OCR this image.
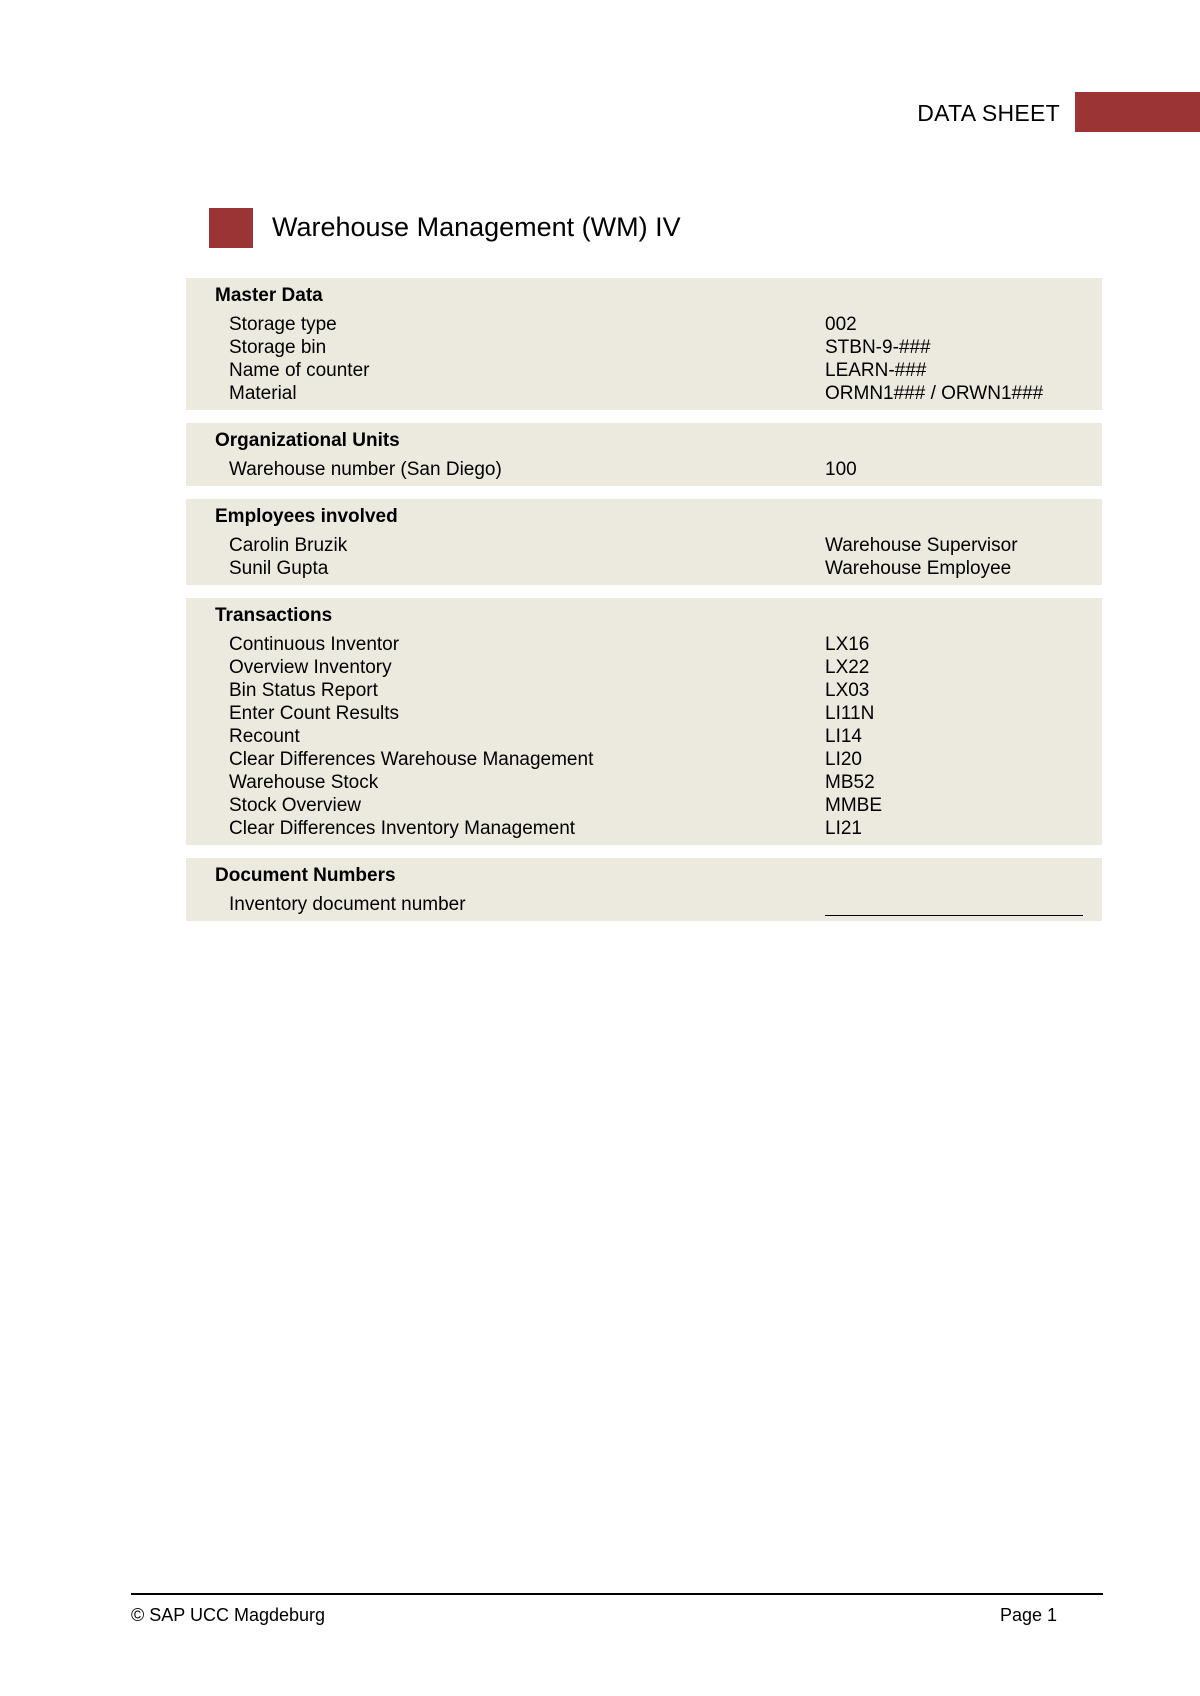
DATA SHEET
Warehouse Management (WM) IV
Master Data
Storage type	002
Storage bin	STBN-9-###
Name of counter	LEARN-###
Material	ORMN1### / ORWN1###
Organizational Units
Warehouse number (San Diego)	100
Employees involved
Carolin Bruzik	Warehouse Supervisor
Sunil Gupta	Warehouse Employee
Transactions
Continuous Inventor	LX16
Overview Inventory	LX22
Bin Status Report	LX03
Enter Count Results	LI11N
Recount	LI14
Clear Differences Warehouse Management	LI20
Warehouse Stock	MB52
Stock Overview	MMBE
Clear Differences Inventory Management	LI21
Document Numbers
Inventory document number
© SAP UCC Magdeburg	Page 1
